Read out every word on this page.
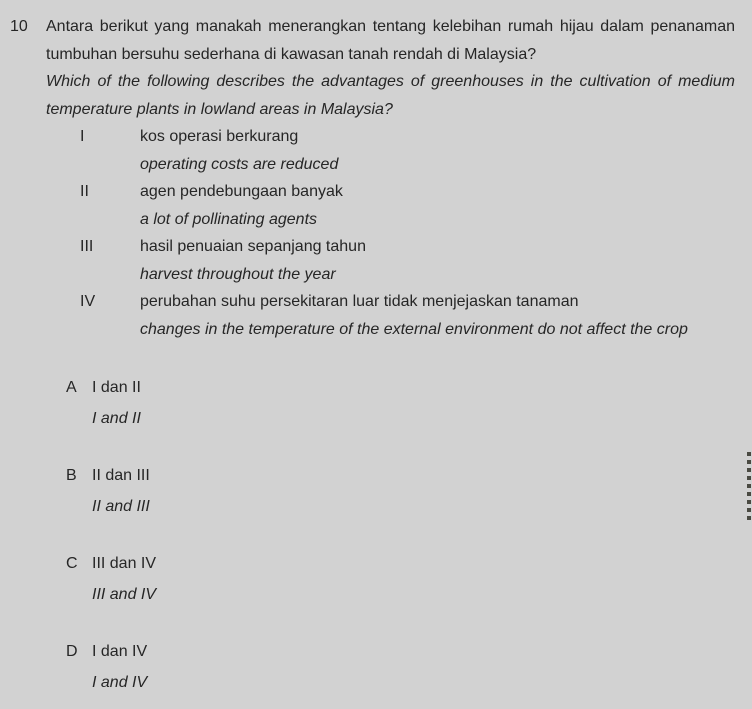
10	Antara berikut yang manakah menerangkan tentang kelebihan rumah hijau dalam penanaman tumbuhan bersuhu sederhana di kawasan tanah rendah di Malaysia?

Which of the following describes the advantages of greenhouses in the cultivation of medium temperature plants in lowland areas in Malaysia?

I	kos operasi berkurang

operating costs are reduced

II	agen pendebungaan banyak

a lot of pollinating agents

III	hasil penuaian sepanjang tahun

harvest throughout the year

IV	perubahan suhu persekitaran luar tidak menjejaskan tanaman

changes in the temperature of the external environment do not affect the crop

A I dan II
I and II
B II dan III
II and III
C III dan IV
III and IV
D I dan IV
I and IV
